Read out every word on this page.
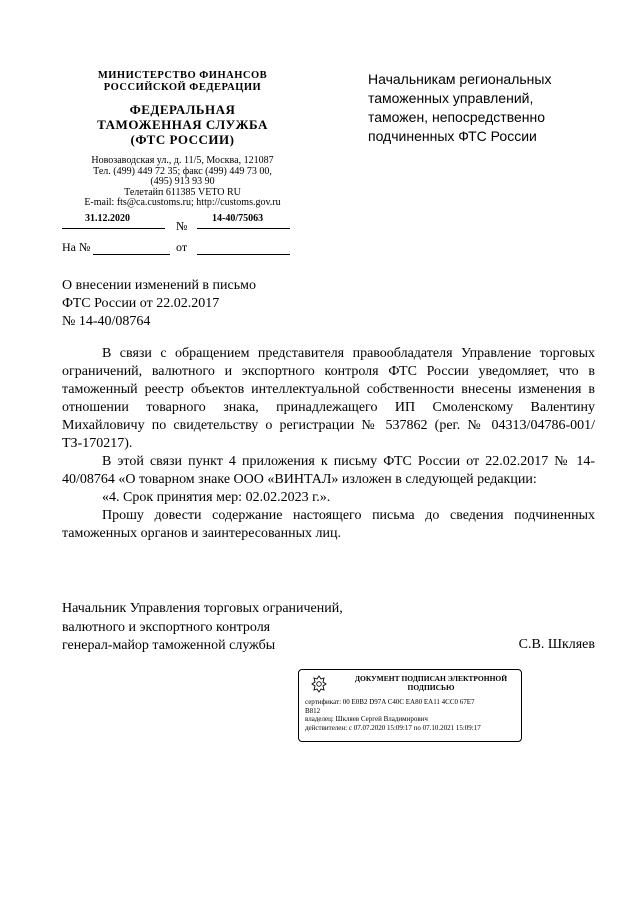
МИНИСТЕРСТВО ФИНАНСОВ
РОССИЙСКОЙ ФЕДЕРАЦИИ
ФЕДЕРАЛЬНАЯ
ТАМОЖЕННАЯ СЛУЖБА
(ФТС РОССИИ)
Новозаводская ул., д. 11/5, Москва, 121087
Тел. (499) 449 72 35; факс (499) 449 73 00,
(495) 913 93 90
Телетайп 611385 VETO RU
E-mail: fts@ca.customs.ru; http://customs.gov.ru
31.12.2020
№
14-40/75063
На №	от
Начальникам региональных
таможенных управлений,
таможен, непосредственно
подчиненных ФТС России
О внесении изменений в письмо
ФТС России от 22.02.2017
№ 14-40/08764

В связи с обращением представителя правообладателя Управление торговых ограничений, валютного и экспортного контроля ФТС России уведомляет, что в таможенный реестр объектов интеллектуальной собственности внесены изменения в отношении товарного знака, принадлежащего ИП Смоленскому Валентину Михайловичу по свидетельству о регистрации № 537862 (рег. № 04313/04786-001/ТЗ-170217).

В этой связи пункт 4 приложения к письму ФТС России от 22.02.2017 № 14-40/08764 «О товарном знаке ООО «ВИНТАЛ» изложен в следующей редакции:

«4. Срок принятия мер: 02.02.2023 г.».

Прошу довести содержание настоящего письма до сведения подчиненных таможенных органов и заинтересованных лиц.

Начальник Управления торговых ограничений,
валютного и экспортного контроля
генерал-майор таможенной службы	С.В. Шкляев
ДОКУМЕНТ ПОДПИСАН ЭЛЕКТРОННОЙ
ПОДПИСЬЮ
сертификат: 00 E0B2 D97A C40C EA80 EA11 4CC0 67E7
B812
владелец: Шкляев Сергей Владимирович
действителен: с 07.07.2020 15:09:17 по 07.10.2021 15:09:17
